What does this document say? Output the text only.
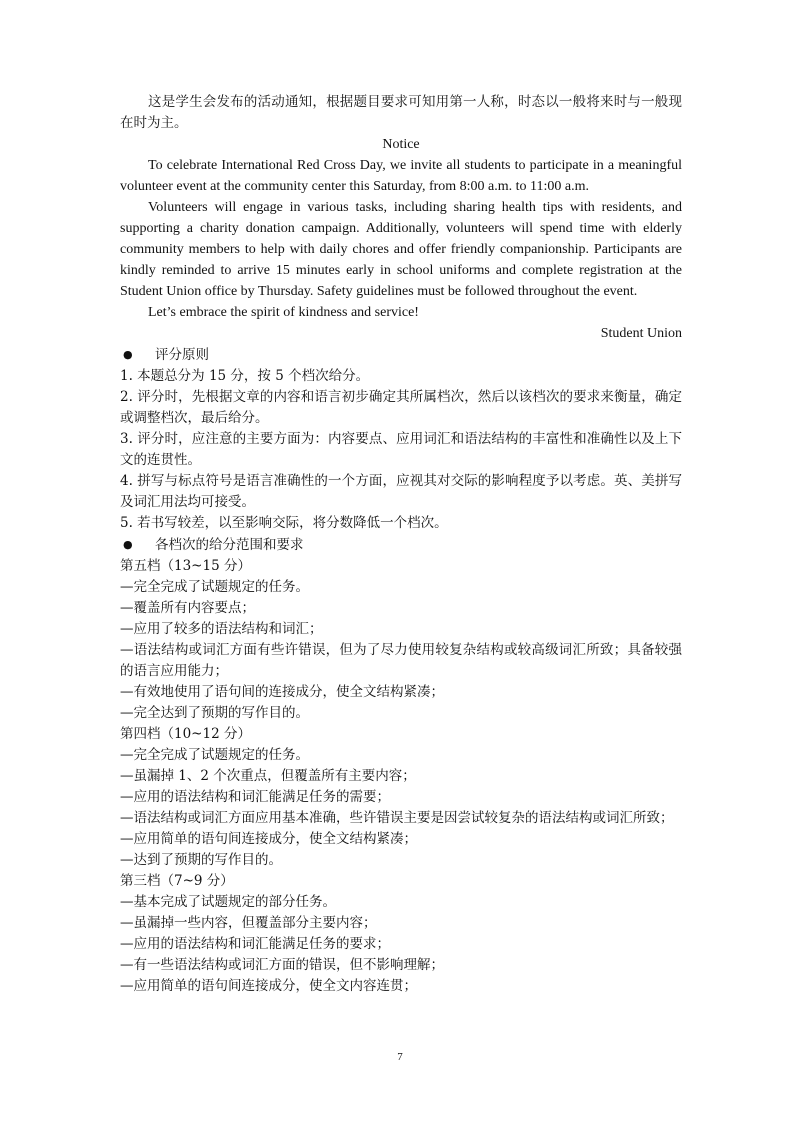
这是学生会发布的活动通知，根据题目要求可知用第一人称，时态以一般将来时与一般现在时为主。

Notice

To celebrate International Red Cross Day, we invite all students to participate in a meaningful volunteer event at the community center this Saturday, from 8:00 a.m. to 11:00 a.m.

Volunteers will engage in various tasks, including sharing health tips with residents, and supporting a charity donation campaign. Additionally, volunteers will spend time with elderly community members to help with daily chores and offer friendly companionship. Participants are kindly reminded to arrive 15 minutes early in school uniforms and complete registration at the Student Union office by Thursday. Safety guidelines must be followed throughout the event.

Let’s embrace the spirit of kindness and service!

Student Union

● 评分原则

1. 本题总分为 15 分，按 5 个档次给分。

2. 评分时，先根据文章的内容和语言初步确定其所属档次，然后以该档次的要求来衡量，确定或调整档次，最后给分。

3. 评分时，应注意的主要方面为：内容要点、应用词汇和语法结构的丰富性和准确性以及上下文的连贯性。

4. 拼写与标点符号是语言准确性的一个方面，应视其对交际的影响程度予以考虑。英、美拼写及词汇用法均可接受。

5. 若书写较差，以至影响交际，将分数降低一个档次。

● 各档次的给分范围和要求

第五档（13~15 分）

—完全完成了试题规定的任务。

—覆盖所有内容要点；

—应用了较多的语法结构和词汇；

—语法结构或词汇方面有些许错误，但为了尽力使用较复杂结构或较高级词汇所致；具备较强的语言应用能力；

—有效地使用了语句间的连接成分，使全文结构紧凑；

—完全达到了预期的写作目的。

第四档（10~12 分）

—完全完成了试题规定的任务。

—虽漏掉 1、2 个次重点，但覆盖所有主要内容；

—应用的语法结构和词汇能满足任务的需要；

—语法结构或词汇方面应用基本准确，些许错误主要是因尝试较复杂的语法结构或词汇所致；

—应用简单的语句间连接成分，使全文结构紧凑；

—达到了预期的写作目的。

第三档（7~9 分）

—基本完成了试题规定的部分任务。

—虽漏掉一些内容，但覆盖部分主要内容；

—应用的语法结构和词汇能满足任务的要求；

—有一些语法结构或词汇方面的错误，但不影响理解；

—应用简单的语句间连接成分，使全文内容连贯；

7
